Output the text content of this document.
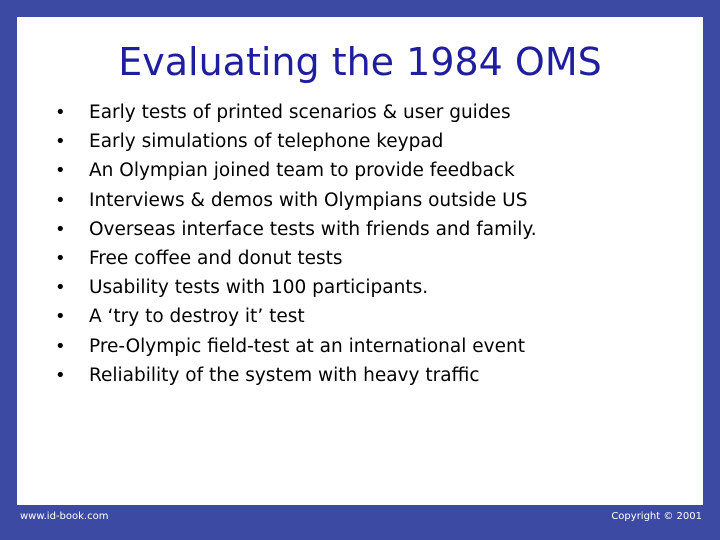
Evaluating the 1984 OMS
• Early tests of printed scenarios & user guides
• Early simulations of telephone keypad
• An Olympian joined team to provide feedback
• Interviews & demos with Olympians outside US
• Overseas interface tests with friends and family.
• Free coffee and donut tests
• Usability tests with 100 participants.
• A ‘try to destroy it’ test
• Pre-Olympic field-test at an international event
• Reliability of the system with heavy traffic
www.id-book.com	Copyright © 2001
